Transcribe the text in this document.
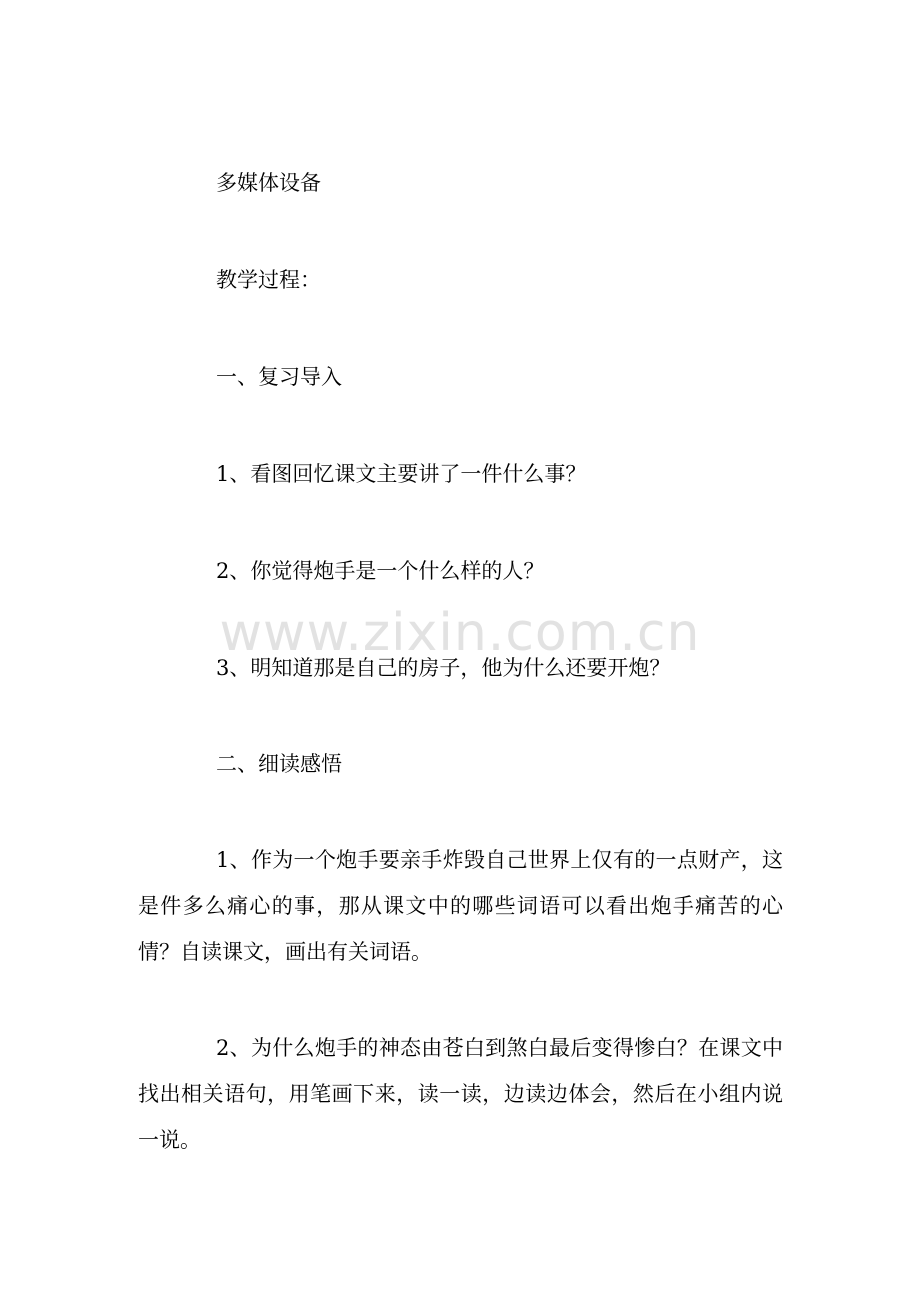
多媒体设备

教学过程：

一、复习导入

1、看图回忆课文主要讲了一件什么事？

2、你觉得炮手是一个什么样的人？

www.zixin.com.cn

3、明知道那是自己的房子，他为什么还要开炮？

二、细读感悟

1、作为一个炮手要亲手炸毁自己世界上仅有的一点财产，这是件多么痛心的事，那从课文中的哪些词语可以看出炮手痛苦的心情？自读课文，画出有关词语。

2、为什么炮手的神态由苍白到煞白最后变得惨白？在课文中找出相关语句，用笔画下来，读一读，边读边体会，然后在小组内说一说。
